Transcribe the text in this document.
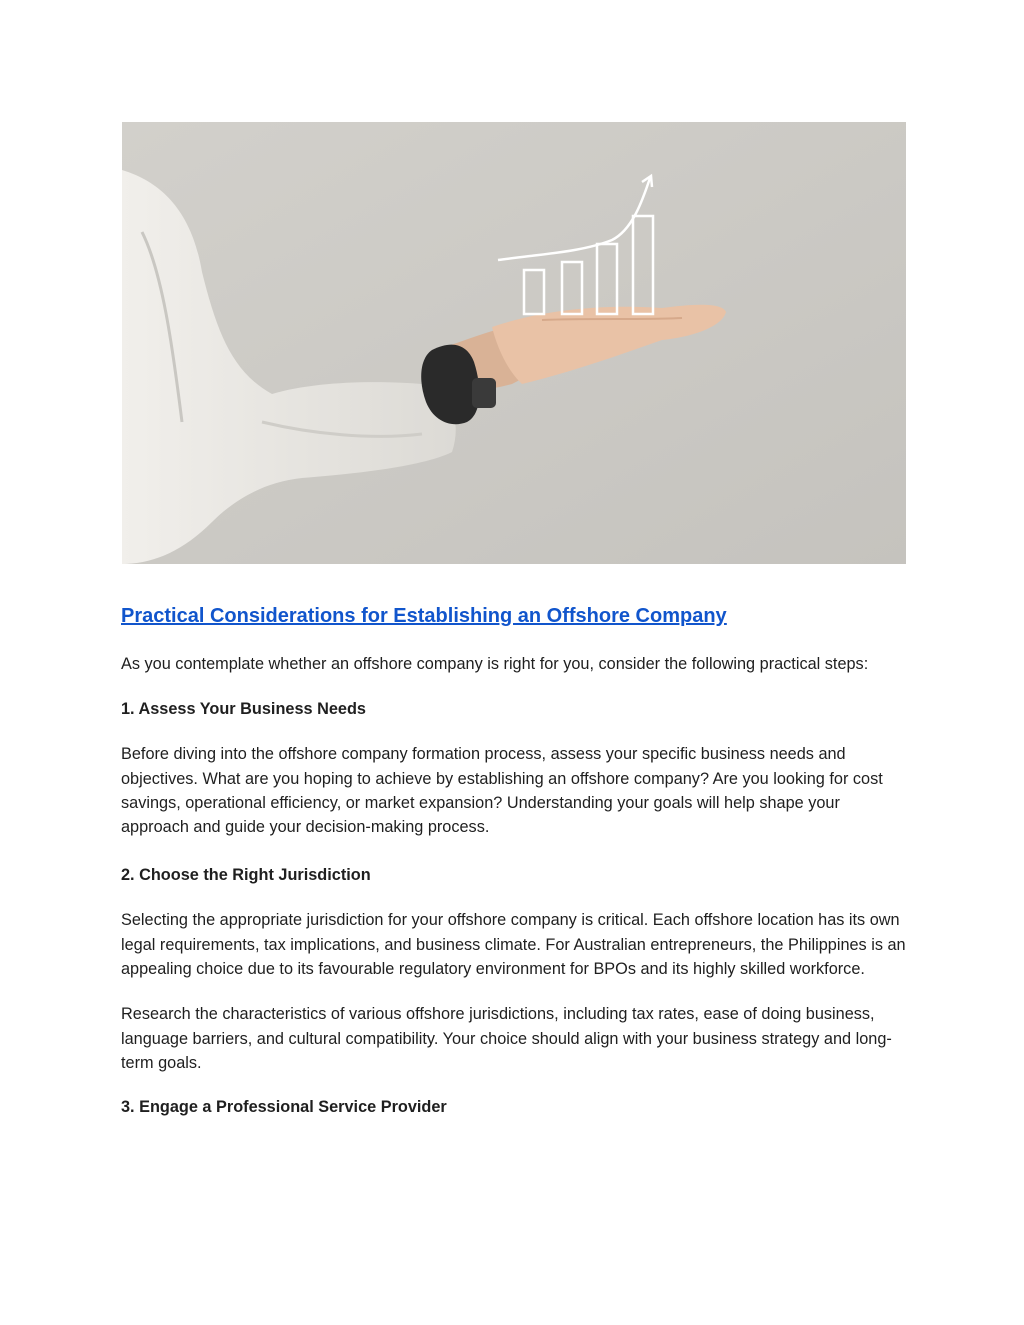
Practical Considerations for Establishing an Offshore Company

As you contemplate whether an offshore company is right for you, consider the following practical steps:

1. Assess Your Business Needs

Before diving into the offshore company formation process, assess your specific business needs and objectives. What are you hoping to achieve by establishing an offshore company? Are you looking for cost savings, operational efficiency, or market expansion? Understanding your goals will help shape your approach and guide your decision-making process.

2. Choose the Right Jurisdiction

Selecting the appropriate jurisdiction for your offshore company is critical. Each offshore location has its own legal requirements, tax implications, and business climate. For Australian entrepreneurs, the Philippines is an appealing choice due to its favourable regulatory environment for BPOs and its highly skilled workforce.

Research the characteristics of various offshore jurisdictions, including tax rates, ease of doing business, language barriers, and cultural compatibility. Your choice should align with your business strategy and long-term goals.

3. Engage a Professional Service Provider
